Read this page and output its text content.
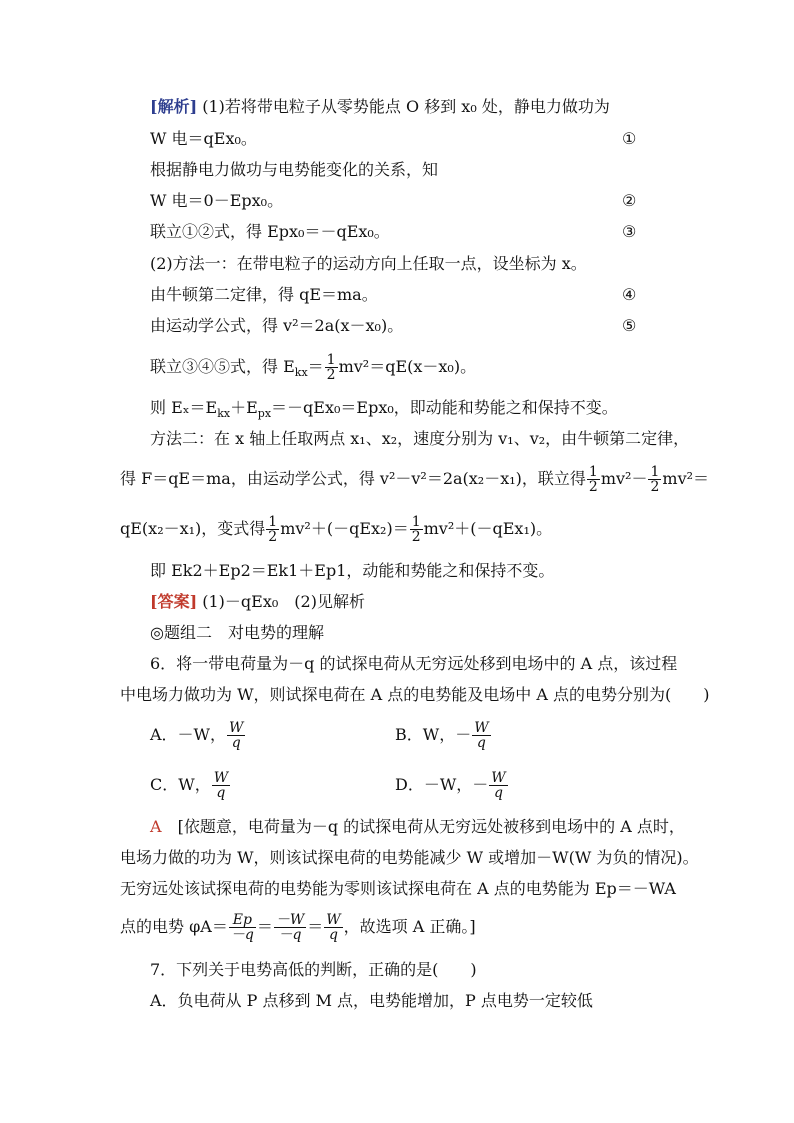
[解析] (1)若将带电粒子从零势能点 O 移到 x₀ 处，静电力做功为
W 电＝qEx₀。	①
根据静电力做功与电势能变化的关系，知
W 电＝0－Epx₀。	②
联立①②式，得 Epx₀＝－qEx₀。	③
(2)方法一：在带电粒子的运动方向上任取一点，设坐标为 x。
由牛顿第二定律，得 qE＝ma。	④
由运动学公式，得 v²＝2a(x－x₀)。	⑤
联立③④⑤式，得 $E_{kx}= \frac{1}{2} mv^2=qE(x-x_0)$。
则 $E_x=E_{kx}+E_{px}=-qEx_0=Epx_0$，即动能和势能之和保持不变。
方法二：在 x 轴上任取两点 x₁、x₂，速度分别为 v₁、v₂，由牛顿第二定律，
得 F＝qE＝ma，由运动学公式，得 v²－v²＝2a(x₂－x₁)，联立得 $\frac{1}{2} mv^2- \frac{1}{2} mv^2=$
qE(x₂－x₁)，变式得 $\frac{1}{2} mv^2+(-qEx_2)= \frac{1}{2} mv^2+(-qEx_1)$。
即 Ek2＋Ep2＝Ek1＋Ep1，动能和势能之和保持不变。
[答案] (1)－qEx₀　(2)见解析
◎题组二　对电势的理解
6．将一带电荷量为－q 的试探电荷从无穷远处移到电场中的 A 点，该过程
中电场力做功为 W，则试探电荷在 A 点的电势能及电场中 A 点的电势分别为(　　)
A．－W， $\frac{W}{q}$	B．W，－ $\frac{W}{q}$
C．W， $\frac{W}{q}$	D．－W，－ $\frac{W}{q}$
A　 [依题意，电荷量为－q 的试探电荷从无穷远处被移到电场中的 A 点时，
电场力做的功为 W，则该试探电荷的电势能减少 W 或增加－W(W 为负的情况)。
无穷远处该试探电荷的电势能为零则该试探电荷在 A 点的电势能为 Ep＝－WA
点的电势 $\varphi A= \frac{Ep}{-q} = \frac{-W}{-q} = \frac{W}{q}$ ，故选项 A 正确。]
7．下列关于电势高低的判断，正确的是(　　)
A．负电荷从 P 点移到 M 点，电势能增加，P 点电势一定较低
